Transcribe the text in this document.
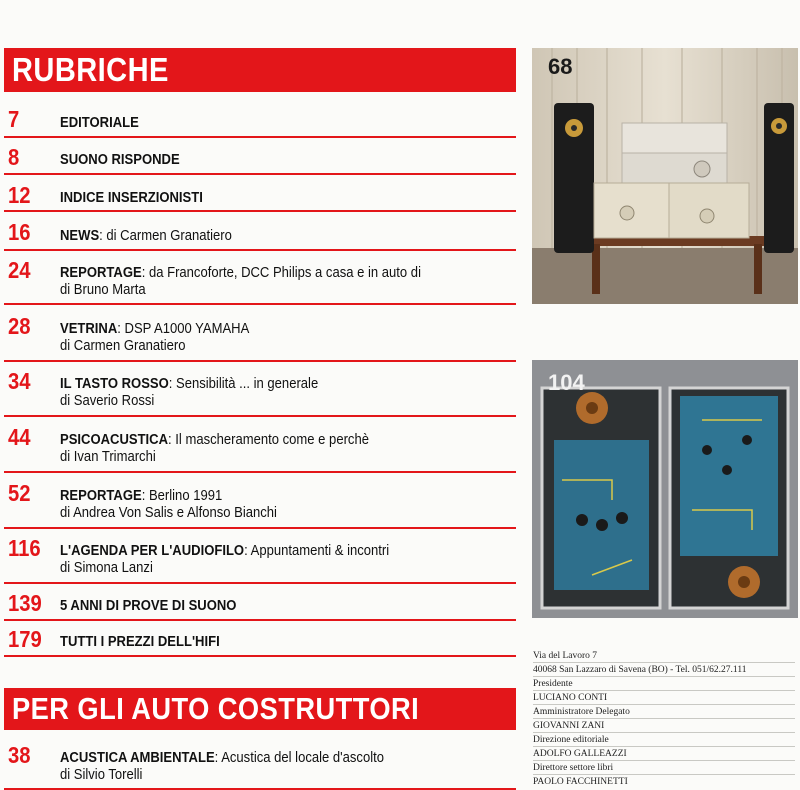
RUBRICHE
PER GLI AUTO COSTRUTTORI
7	EDITORIALE
8	SUONO RISPONDE
12 INDICE INSERZIONISTI
16 NEWS: di Carmen Granatiero
24 REPORTAGE: da Francoforte, DCC Philips a casa e in auto di
di Bruno Marta
28 VETRINA: DSP A1000 YAMAHA
di Carmen Granatiero
34 IL TASTO ROSSO: Sensibilità ... in generale
di Saverio Rossi
44 PSICOACUSTICA: Il mascheramento come e perchè
di Ivan Trimarchi
52 REPORTAGE: Berlino 1991
di Andrea Von Salis e Alfonso Bianchi
116 L'AGENDA PER L'AUDIOFILO: Appuntamenti & incontri
di Simona Lanzi
139 5 ANNI DI PROVE DI SUONO
179 TUTTI I PREZZI DELL'HIFI
38 ACUSTICA AMBIENTALE: Acustica del locale d'ascolto
di Silvio Torelli
68
104
Via del Lavoro 7
40068 San Lazzaro di Savena (BO) - Tel. 051/62.27.111
Presidente
LUCIANO CONTI
Amministratore Delegato
GIOVANNI ZANI
Direzione editoriale
ADOLFO GALLEAZZI
Direttore settore libri
PAOLO FACCHINETTI
